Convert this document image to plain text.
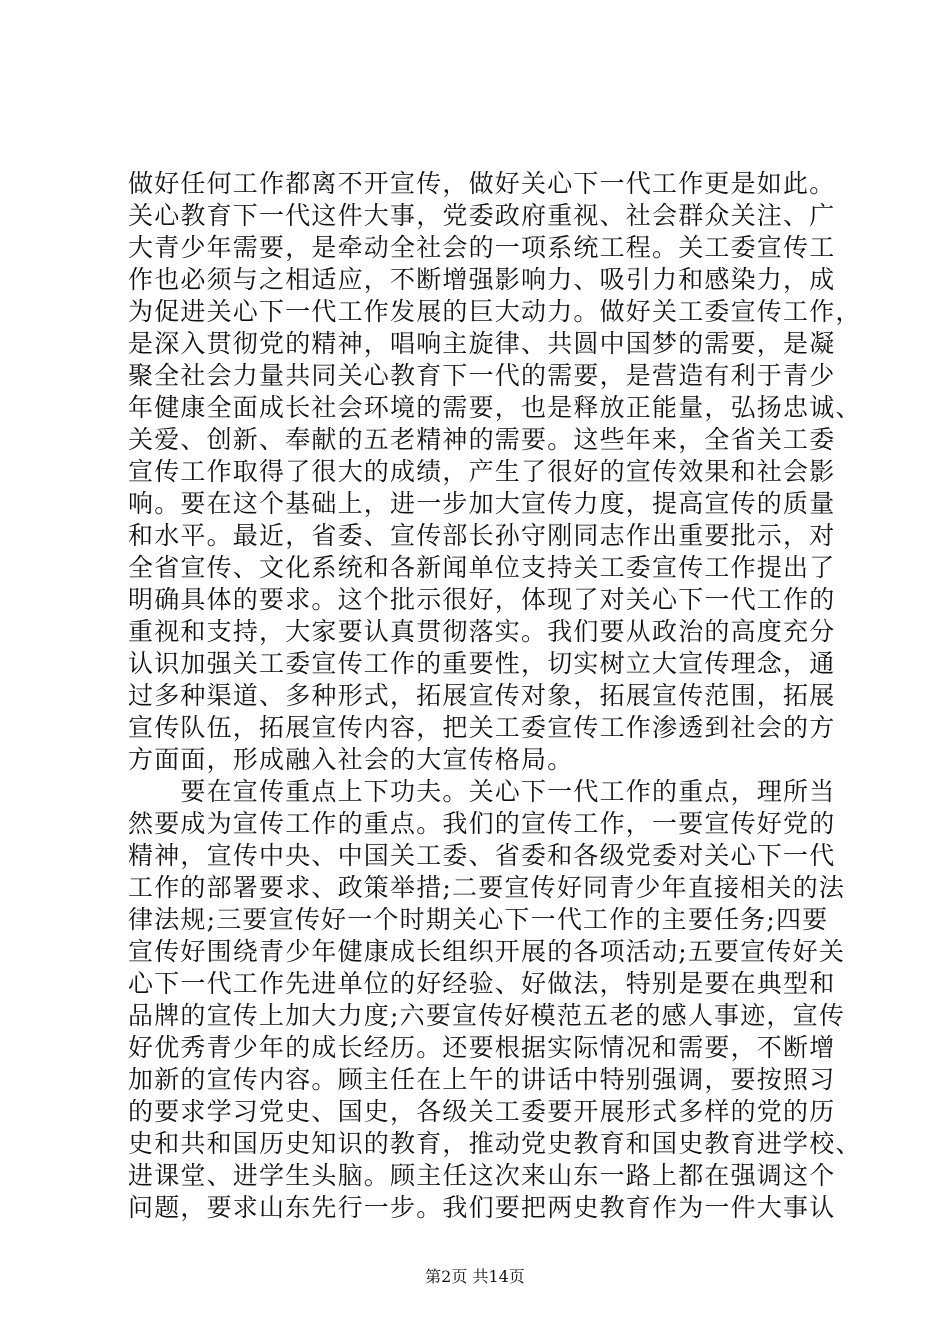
做好任何工作都离不开宣传，做好关心下一代工作更是如此。
关心教育下一代这件大事，党委政府重视、社会群众关注、广
大青少年需要，是牵动全社会的一项系统工程。关工委宣传工
作也必须与之相适应，不断增强影响力、吸引力和感染力，成
为促进关心下一代工作发展的巨大动力。做好关工委宣传工作，
是深入贯彻党的精神，唱响主旋律、共圆中国梦的需要，是凝
聚全社会力量共同关心教育下一代的需要，是营造有利于青少
年健康全面成长社会环境的需要，也是释放正能量，弘扬忠诚、
关爱、创新、奉献的五老精神的需要。这些年来，全省关工委
宣传工作取得了很大的成绩，产生了很好的宣传效果和社会影
响。要在这个基础上，进一步加大宣传力度，提高宣传的质量
和水平。最近，省委、宣传部长孙守刚同志作出重要批示，对
全省宣传、文化系统和各新闻单位支持关工委宣传工作提出了
明确具体的要求。这个批示很好，体现了对关心下一代工作的
重视和支持，大家要认真贯彻落实。我们要从政治的高度充分
认识加强关工委宣传工作的重要性，切实树立大宣传理念，通
过多种渠道、多种形式，拓展宣传对象，拓展宣传范围，拓展
宣传队伍，拓展宣传内容，把关工委宣传工作渗透到社会的方
方面面，形成融入社会的大宣传格局。
　　要在宣传重点上下功夫。关心下一代工作的重点，理所当
然要成为宣传工作的重点。我们的宣传工作，一要宣传好党的
精神，宣传中央、中国关工委、省委和各级党委对关心下一代
工作的部署要求、政策举措;二要宣传好同青少年直接相关的法
律法规;三要宣传好一个时期关心下一代工作的主要任务;四要
宣传好围绕青少年健康成长组织开展的各项活动;五要宣传好关
心下一代工作先进单位的好经验、好做法，特别是要在典型和
品牌的宣传上加大力度;六要宣传好模范五老的感人事迹，宣传
好优秀青少年的成长经历。还要根据实际情况和需要，不断增
加新的宣传内容。顾主任在上午的讲话中特别强调，要按照习
的要求学习党史、国史，各级关工委要开展形式多样的党的历
史和共和国历史知识的教育，推动党史教育和国史教育进学校、
进课堂、进学生头脑。顾主任这次来山东一路上都在强调这个
问题，要求山东先行一步。我们要把两史教育作为一件大事认
第2页 共14页
